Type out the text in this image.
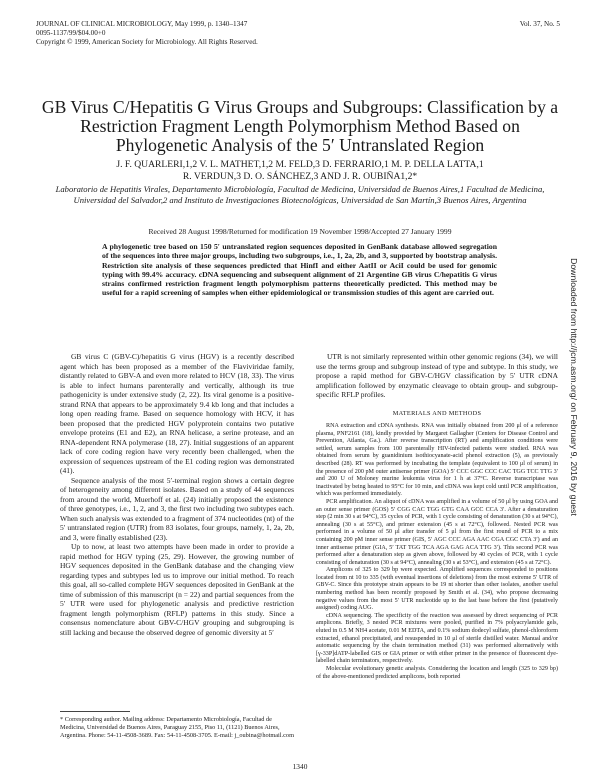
JOURNAL OF CLINICAL MICROBIOLOGY, May 1999, p. 1340–1347
0095-1137/99/$04.00+0
Copyright © 1999, American Society for Microbiology. All Rights Reserved.
Vol. 37, No. 5
GB Virus C/Hepatitis G Virus Groups and Subgroups: Classification by a Restriction Fragment Length Polymorphism Method Based on Phylogenetic Analysis of the 5′ Untranslated Region
J. F. QUARLERI,1,2 V. L. MATHET,1,2 M. FELD,3 D. FERRARIO,1 M. P. DELLA LATTA,1
R. VERDUN,3 D. O. SÁNCHEZ,3 AND J. R. OUBIÑA1,2*
Laboratorio de Hepatitis Virales, Departamento Microbiología, Facultad de Medicina, Universidad de Buenos Aires,1 Facultad de Medicina, Universidad del Salvador,2 and Instituto de Investigaciones Biotecnológicas, Universidad de San Martín,3 Buenos Aires, Argentina
Received 28 August 1998/Returned for modification 19 November 1998/Accepted 27 January 1999
A phylogenetic tree based on 150 5′ untranslated region sequences deposited in GenBank database allowed segregation of the sequences into three major groups, including two subgroups, i.e., 1, 2a, 2b, and 3, supported by bootstrap analysis. Restriction site analysis of these sequences predicted that HinfI and either AatII or AciI could be used for genomic typing with 99.4% accuracy. cDNA sequencing and subsequent alignment of 21 Argentine GB virus C/hepatitis G virus strains confirmed restriction fragment length polymorphism patterns theoretically predicted. This method may be useful for a rapid screening of samples when either epidemiological or transmission studies of this agent are carried out.

GB virus C (GBV-C)/hepatitis G virus (HGV) is a recently described agent which has been proposed as a member of the Flaviviridae family, distantly related to GBV-A and even more related to HCV (18, 33). The virus is able to infect humans parenterally and vertically, although its true pathogenicity is under extensive study (2, 22). Its viral genome is a positive-strand RNA that appears to be approximately 9.4 kb long and that includes a long open reading frame. Based on sequence homology with HCV, it has been proposed that the predicted HGV polyprotein contains two putative envelope proteins (E1 and E2), an RNA helicase, a serine protease, and an RNA-dependent RNA polymerase (18, 27). Initial suggestions of an apparent lack of core coding region have very recently been challenged, when the expression of sequences upstream of the E1 coding region was demonstrated (41).

Sequence analysis of the most 5′-terminal region shows a certain degree of heterogeneity among different isolates. Based on a study of 44 sequences from around the world, Muerhoff et al. (24) initially proposed the existence of three genotypes, i.e., 1, 2, and 3, the first two including two subtypes each. When such analysis was extended to a fragment of 374 nucleotides (nt) of the 5′ untranslated region (UTR) from 83 isolates, four groups, namely, 1, 2a, 2b, and 3, were finally established (23).

Up to now, at least two attempts have been made in order to provide a rapid method for HGV typing (25, 29). However, the growing number of HGV sequences deposited in the GenBank database and the changing view regarding types and subtypes led us to improve our initial method. To reach this goal, all so-called complete HGV sequences deposited in GenBank at the time of submission of this manuscript (n = 22) and partial sequences from the 5′ UTR were used for phylogenetic analysis and predictive restriction fragment length polymorphism (RFLP) patterns in this study. Since a consensus nomenclature about GBV-C/HGV grouping and subgrouping is still lacking and because the observed degree of genomic diversity at 5′

* Corresponding author. Mailing address: Departamento Microbiología, Facultad de Medicina, Universidad de Buenos Aires, Paraguay 2155, Piso 11, (1121) Buenos Aires, Argentina. Phone: 54-11-4508-3689. Fax: 54-11-4508-3705. E-mail: j_oubina@hotmail.com

UTR is not similarly represented within other genomic regions (34), we will use the terms group and subgroup instead of type and subtype. In this study, we propose a rapid method for GBV-C/HGV classification by 5′ UTR cDNA amplification followed by enzymatic cleavage to obtain group- and subgroup-specific RFLP profiles.

MATERIALS AND METHODS

RNA extraction and cDNA synthesis. RNA was initially obtained from 200 μl of a reference plasma, PNF2161 (18), kindly provided by Margaret Gallagher (Centers for Disease Control and Prevention, Atlanta, Ga.). After reverse transcription (RT) and amplification conditions were settled, serum samples from 100 parenterally HIV-infected patients were studied. RNA was obtained from serum by guanidinium isothiocyanate-acid phenol extraction (5), as previously described (28). RT was performed by incubating the template (equivalent to 100 μl of serum) in the presence of 200 pM outer antisense primer (GOA) 5′ CCC GGC CCC CAC TGG TCC TTG 3′ and 200 U of Moloney murine leukemia virus for 1 h at 37°C. Reverse transcriptase was inactivated by being heated to 95°C for 10 min, and cDNA was kept cold until PCR amplification, which was performed immediately.

PCR amplification. An aliquot of cDNA was amplified in a volume of 50 μl by using GOA and an outer sense primer (GOS) 5′ CGG CAC TGG GTG CAA GCC CCA 3′. After a denaturation step (2 min 30 s at 94°C), 35 cycles of PCR, with 1 cycle consisting of denaturation (30 s at 94°C), annealing (30 s at 55°C), and primer extension (45 s at 72°C), followed. Nested PCR was performed in a volume of 50 μl after transfer of 5 μl from the first round of PCR to a mix containing 200 pM inner sense primer (GIS, 5′ AGC CCC AGA AAC CGA CGC CTA 3′) and an inner antisense primer (GIA, 5′ TAT TGG TCA AGA GAG ACA TTG 3′). This second PCR was performed after a denaturation step as given above, followed by 40 cycles of PCR, with 1 cycle consisting of denaturation (30 s at 94°C), annealing (30 s at 53°C), and extension (45 s at 72°C).

Amplicons of 325 to 329 bp were expected. Amplified sequences corresponded to positions located from nt 10 to 335 (with eventual insertions of deletions) from the most extreme 5′ UTR of GBV-C. Since this prototype strain appears to be 19 nt shorter than other isolates, another useful numbering method has been recently proposed by Smith et al. (34), who propose decreasing negative values from the most 5′ UTR nucleotide up to the last base before the first (putatively assigned) coding AUG.

cDNA sequencing. The specificity of the reaction was assessed by direct sequencing of PCR amplicons. Briefly, 3 nested PCR mixtures were pooled, purified in 7% polyacrylamide gels, eluted in 0.5 M NH4 acetate, 0.01 M EDTA, and 0.1% sodium dodecyl sulfate, phenol-chloroform extracted, ethanol precipitated, and resuspended in 10 μl of sterile distilled water. Manual and/or automatic sequencing by the chain termination method (31) was performed alternatively with [γ-33P]dATP-labelled GIS or GIA primer or with either primer in the presence of fluorescent dye-labelled chain terminators, respectively.

Molecular evolutionary genetic analysis. Considering the location and length (325 to 329 bp) of the above-mentioned predicted amplicons, both reported

1340
Downloaded from http://jcm.asm.org/ on February 9, 2016 by guest
